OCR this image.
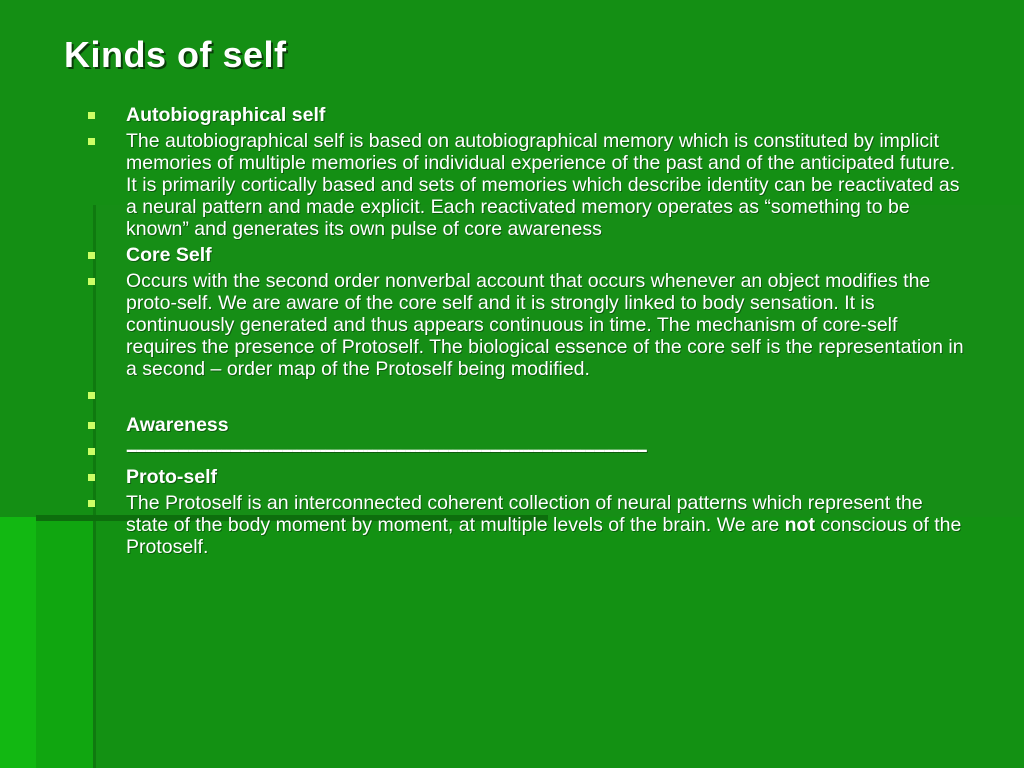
Kinds of self
Autobiographical self
The autobiographical self is based on autobiographical memory which is constituted by implicit memories of multiple memories of individual experience of the past and of the anticipated future. It is primarily cortically based and sets of memories which describe identity can be reactivated as a neural pattern and made explicit. Each reactivated memory operates as “something to be known” and generates its own pulse of core awareness
Core Self
Occurs with the second order nonverbal account that occurs whenever an object modifies the proto-self. We are aware of the core self and it is strongly linked to body sensation. It is continuously generated and thus appears continuous in time. The mechanism of core-self requires the presence of Protoself. The biological essence of the core self is the representation in a second – order map of the Protoself being modified.
Awareness
--------------------------------------------------------------------------------------------------------------
Proto-self
The Protoself is an interconnected coherent collection of neural patterns which represent the state of the body moment by moment, at multiple levels of the brain. We are not conscious of the Protoself.
